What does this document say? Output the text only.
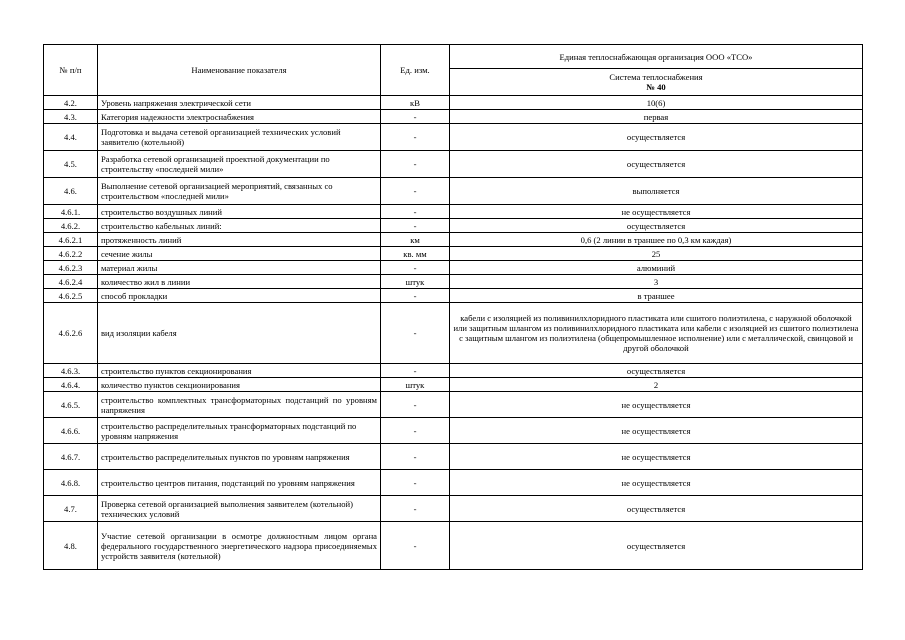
№ п/п	Наименование показателя	Ед. изм.	Единая теплоснабжающая организация ООО «ТСО»

			Система теплоснабжения
№ 40

4.2.	Уровень напряжения электрической сети	кВ	10(6)
4.3.	Категория надежности электроснабжения	-	первая
4.4.	Подготовка и выдача сетевой организацией технических условий заявителю (котельной)	-	осуществляется
4.5.	Разработка сетевой организацией проектной документации по строительству «последней мили»	-	осуществляется
4.6.	Выполнение сетевой организацией мероприятий, связанных со строительством «последней мили»	-	выполняется
4.6.1.	строительство воздушных линий	-	не осуществляется
4.6.2.	строительство кабельных линий:	-	осуществляется
4.6.2.1	протяженность линий	км	0,6 (2 линии в траншее по 0,3 км каждая)
4.6.2.2	сечение жилы	кв. мм	25
4.6.2.3	материал жилы	-	алюминий
4.6.2.4	количество жил в линии	штук	3
4.6.2.5	способ прокладки	-	в траншее
4.6.2.6	вид изоляции кабеля	-	кабели с изоляцией из поливинилхлоридного пластиката или сшитого полиэтилена, с наружной оболочкой или защитным шлангом из поливинилхлоридного пластиката или кабели с изоляцией из сшитого полиэтилена с защитным шлангом из полиэтилена (общепромышленное исполнение) или с металлической, свинцовой и другой оболочкой
4.6.3.	строительство пунктов секционирования	-	осуществляется
4.6.4.	количество пунктов секционирования	штук	2
4.6.5.	строительство комплектных трансформаторных подстанций по уровням напряжения	-	не осуществляется
4.6.6.	строительство распределительных трансформаторных подстанций по уровням напряжения	-	не осуществляется
4.6.7.	строительство распределительных пунктов по уровням напряжения	-	не осуществляется
4.6.8.	строительство центров питания, подстанций по уровням напряжения	-	не осуществляется
4.7.	Проверка сетевой организацией выполнения заявителем (котельной) технических условий	-	осуществляется
4.8.	Участие сетевой организации в осмотре должностным лицом органа федерального государственного энергетического надзора присоединяемых устройств заявителя (котельной)	-	осуществляется
